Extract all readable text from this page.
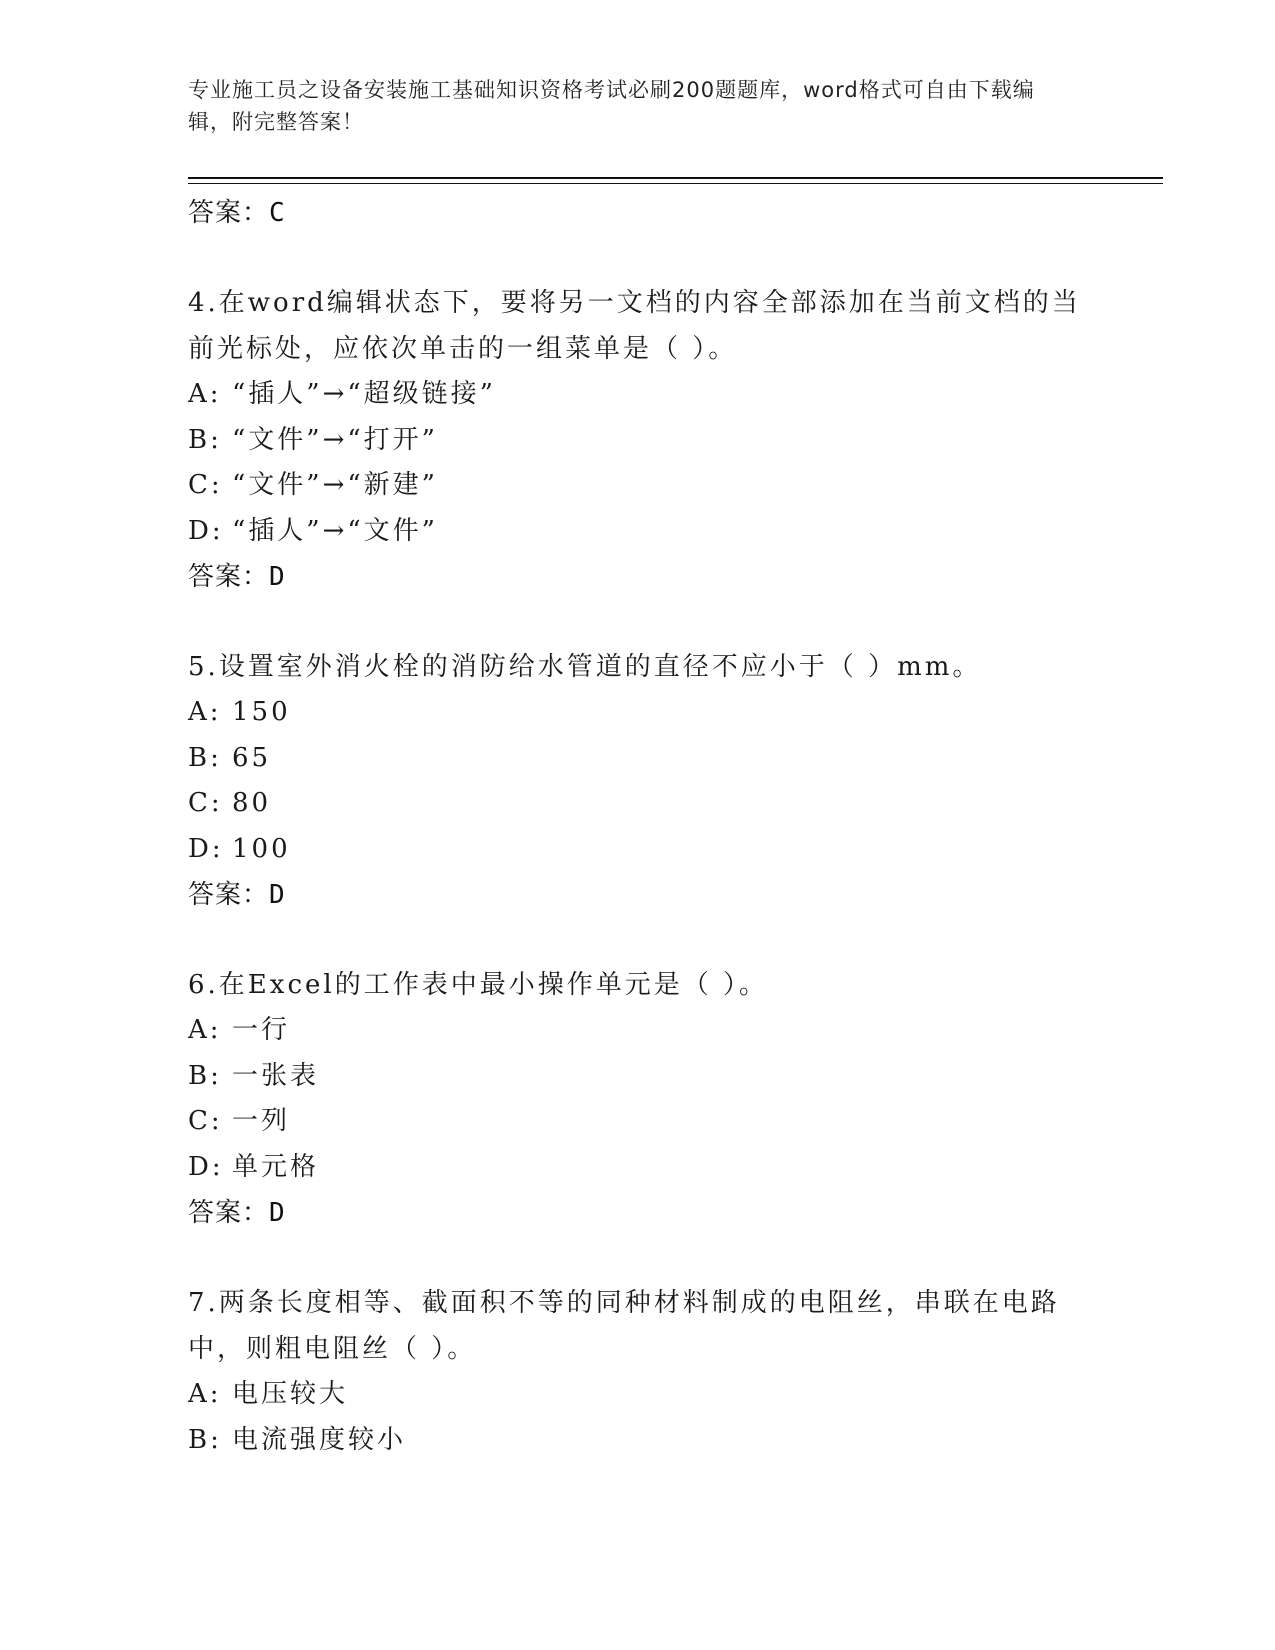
专业施工员之设备安装施工基础知识资格考试必刷200题题库，word格式可自由下载编辑，附完整答案！
答案：C
4.在word编辑状态下，要将另一文档的内容全部添加在当前文档的当前光标处，应依次单击的一组菜单是（ ）。
A: “插人”→“超级链接”
B: “文件”→“打开”
C: “文件”→“新建”
D: “插人”→“文件”
答案：D
5.设置室外消火栓的消防给水管道的直径不应小于（ ）mm。
A: 150
B: 65
C: 80
D: 100
答案：D
6.在Excel的工作表中最小操作单元是（ ）。
A: 一行
B: 一张表
C: 一列
D: 单元格
答案：D
7.两条长度相等、截面积不等的同种材料制成的电阻丝，串联在电路中，则粗电阻丝（ ）。
A: 电压较大
B: 电流强度较小
